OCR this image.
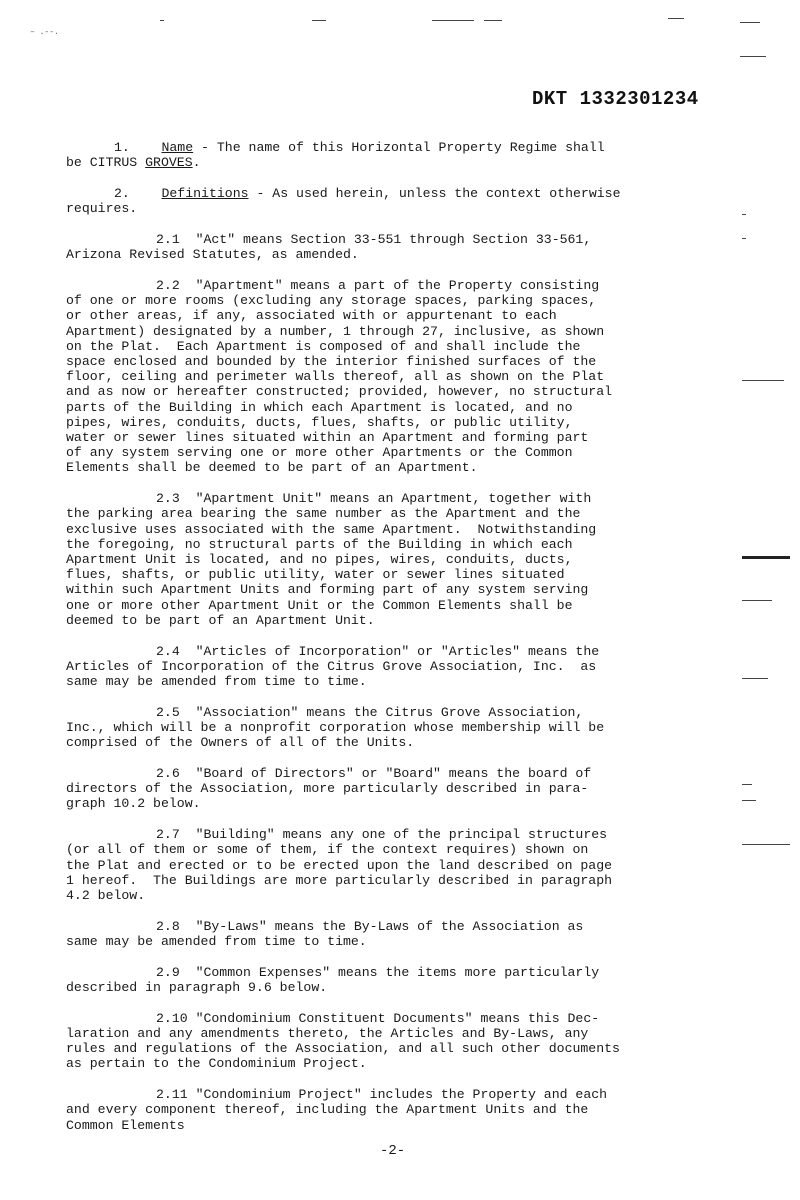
– .--.
DKT 1332301234
1.    Name - The name of this Horizontal Property Regime shall
be CITRUS GROVES.
2.    Definitions - As used herein, unless the context otherwise
requires.
2.1  "Act" means Section 33-551 through Section 33-561,
Arizona Revised Statutes, as amended.
2.2  "Apartment" means a part of the Property consisting
of one or more rooms (excluding any storage spaces, parking spaces,
or other areas, if any, associated with or appurtenant to each
Apartment) designated by a number, 1 through 27, inclusive, as shown
on the Plat.  Each Apartment is composed of and shall include the
space enclosed and bounded by the interior finished surfaces of the
floor, ceiling and perimeter walls thereof, all as shown on the Plat
and as now or hereafter constructed; provided, however, no structural
parts of the Building in which each Apartment is located, and no
pipes, wires, conduits, ducts, flues, shafts, or public utility,
water or sewer lines situated within an Apartment and forming part
of any system serving one or more other Apartments or the Common
Elements shall be deemed to be part of an Apartment.
2.3  "Apartment Unit" means an Apartment, together with
the parking area bearing the same number as the Apartment and the
exclusive uses associated with the same Apartment.  Notwithstanding
the foregoing, no structural parts of the Building in which each
Apartment Unit is located, and no pipes, wires, conduits, ducts,
flues, shafts, or public utility, water or sewer lines situated
within such Apartment Units and forming part of any system serving
one or more other Apartment Unit or the Common Elements shall be
deemed to be part of an Apartment Unit.
2.4  "Articles of Incorporation" or "Articles" means the
Articles of Incorporation of the Citrus Grove Association, Inc.  as
same may be amended from time to time.
2.5  "Association" means the Citrus Grove Association,
Inc., which will be a nonprofit corporation whose membership will be
comprised of the Owners of all of the Units.
2.6  "Board of Directors" or "Board" means the board of
directors of the Association, more particularly described in para-
graph 10.2 below.
2.7  "Building" means any one of the principal structures
(or all of them or some of them, if the context requires) shown on
the Plat and erected or to be erected upon the land described on page
1 hereof.  The Buildings are more particularly described in paragraph
4.2 below.
2.8  "By-Laws" means the By-Laws of the Association as
same may be amended from time to time.
2.9  "Common Expenses" means the items more particularly
described in paragraph 9.6 below.
2.10 "Condominium Constituent Documents" means this Dec-
laration and any amendments thereto, the Articles and By-Laws, any
rules and regulations of the Association, and all such other documents
as pertain to the Condominium Project.
2.11 "Condominium Project" includes the Property and each
and every component thereof, including the Apartment Units and the
Common Elements
-2-
